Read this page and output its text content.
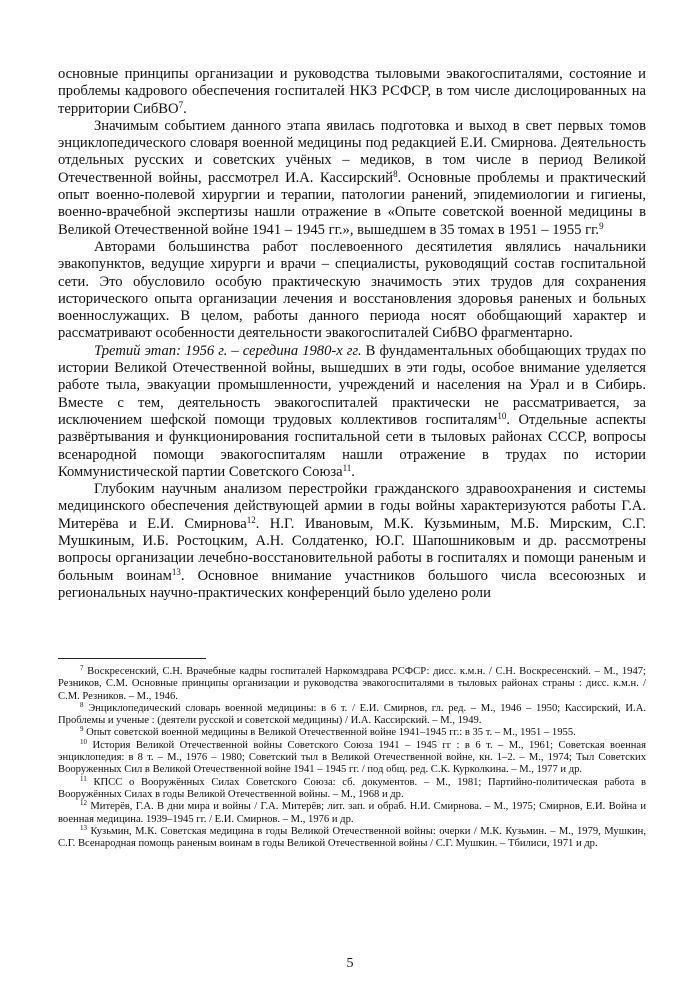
основные принципы организации и руководства тыловыми эвакогоспиталями, состояние и проблемы кадрового обеспечения госпиталей НКЗ РСФСР, в том числе дислоцированных на территории СибВО$^7$.

Значимым событием данного этапа явилась подготовка и выход в свет первых томов энциклопедического словаря военной медицины под редакцией Е.И. Смирнова. Деятельность отдельных русских и советских учёных – медиков, в том числе в период Великой Отечественной войны, рассмотрел И.А. Кассирский$^8$. Основные проблемы и практический опыт военно-полевой хирургии и терапии, патологии ранений, эпидемиологии и гигиены, военно-врачебной экспертизы нашли отражение в «Опыте советской военной медицины в Великой Отечественной войне 1941 – 1945 гг.», вышедшем в 35 томах в 1951 – 1955 гг.$^9$

Авторами большинства работ послевоенного десятилетия являлись начальники эвакопунктов, ведущие хирурги и врачи – специалисты, руководящий состав госпитальной сети. Это обусловило особую практическую значимость этих трудов для сохранения исторического опыта организации лечения и восстановления здоровья раненых и больных военнослужащих. В целом, работы данного периода носят обобщающий характер и рассматривают особенности деятельности эвакогоспиталей СибВО фрагментарно.

Третий этап: 1956 г. – середина 1980-х гг. В фундаментальных обобщающих трудах по истории Великой Отечественной войны, вышедших в эти годы, особое внимание уделяется работе тыла, эвакуации промышленности, учреждений и населения на Урал и в Сибирь. Вместе с тем, деятельность эвакогоспиталей практически не рассматривается, за исключением шефской помощи трудовых коллективов госпиталям$^{10}$. Отдельные аспекты развёртывания и функционирования госпитальной сети в тыловых районах СССР, вопросы всенародной помощи эвакогоспиталям нашли отражение в трудах по истории Коммунистической партии Советского Союза$^{11}$.

Глубоким научным анализом перестройки гражданского здравоохранения и системы медицинского обеспечения действующей армии в годы войны характеризуются работы Г.А. Митерёва и Е.И. Смирнова$^{12}$. Н.Г. Ивановым, М.К. Кузьминым, М.Б. Мирским, С.Г. Мушкиным, И.Б. Ростоцким, А.Н. Солдатенко, Ю.Г. Шапошниковым и др. рассмотрены вопросы организации лечебно-восстановительной работы в госпиталях и помощи раненым и больным воинам$^{13}$. Основное внимание участников большого числа всесоюзных и региональных научно-практических конференций было уделено роли

$^7$ Воскресенский, С.Н. Врачебные кадры госпиталей Наркомздрава РСФСР: дисс. к.м.н. / С.Н. Воскресенский. – М., 1947; Резников, С.М. Основные принципы организации и руководства эвакогоспиталями в тыловых районах страны : дисс. к.м.н. / С.М. Резников. – М., 1946.

$^8$ Энциклопедический словарь военной медицины: в 6 т. / Е.И. Смирнов, гл. ред. – М., 1946 – 1950; Кассирский, И.А. Проблемы и ученые : (деятели русской и советской медицины) / И.А. Кассирский. – М., 1949.

$^9$ Опыт советской военной медицины в Великой Отечественной войне 1941–1945 гг.: в 35 т. – М., 1951 – 1955.

$^{10}$ История Великой Отечественной войны Советского Союза 1941 – 1945 гг : в 6 т. – М., 1961; Советская военная энциклопедия: в 8 т. – М., 1976 – 1980; Советский тыл в Великой Отечественной войне, кн. 1–2. – М., 1974; Тыл Советских Вооруженных Сил в Великой Отечественной войне 1941 – 1945 гг. / под общ. ред. С.К. Курколкина. – М., 1977 и др.

$^{11}$ КПСС о Вооружённых Силах Советского Союза: сб. документов. – М., 1981; Партийно-политическая работа в Вооружённых Силах в годы Великой Отечественной войны. – М., 1968 и др.

$^{12}$ Митерёв, Г.А. В дни мира и войны / Г.А. Митерёв; лит. зап. и обраб. Н.И. Смирнова. – М., 1975; Смирнов, Е.И. Война и военная медицина. 1939–1945 гг. / Е.И. Смирнов. – М., 1976 и др.

$^{13}$ Кузьмин, М.К. Советская медицина в годы Великой Отечественной войны: очерки / М.К. Кузьмин. – М., 1979, Мушкин, С.Г. Всенародная помощь раненым воинам в годы Великой Отечественной войны / С.Г. Мушкин. – Тбилиси, 1971 и др.

5
